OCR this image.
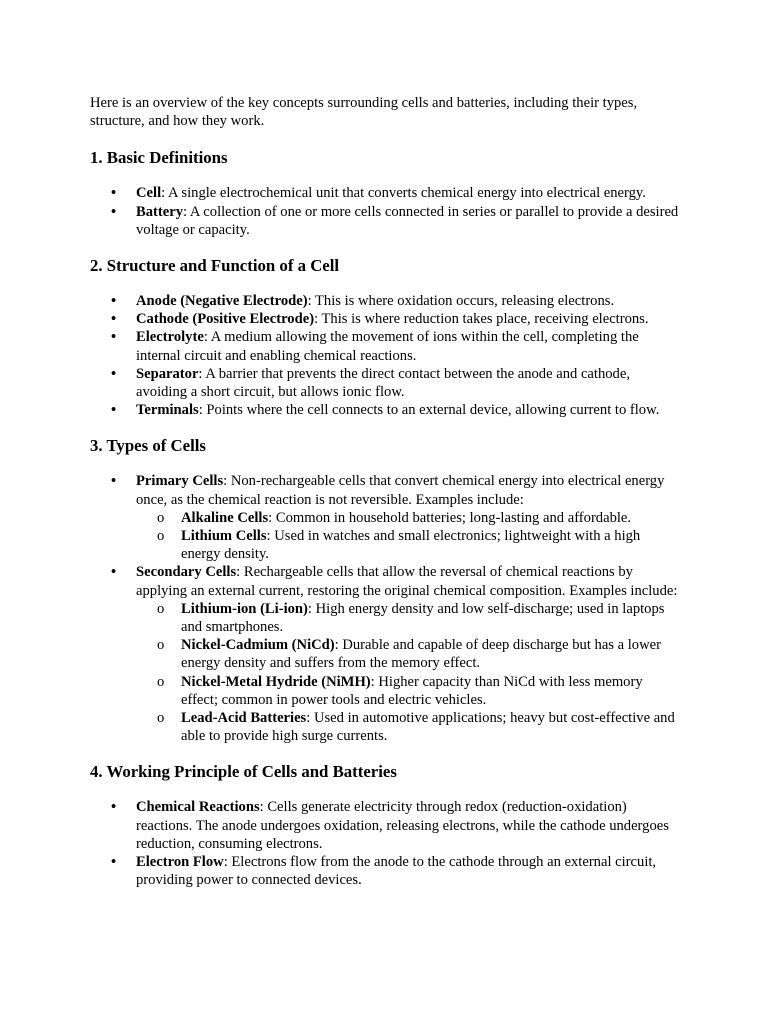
Here is an overview of the key concepts surrounding cells and batteries, including their types, structure, and how they work.

1. Basic Definitions
• Cell: A single electrochemical unit that converts chemical energy into electrical energy.
• Battery: A collection of one or more cells connected in series or parallel to provide a desired voltage or capacity.
2. Structure and Function of a Cell
• Anode (Negative Electrode): This is where oxidation occurs, releasing electrons.
• Cathode (Positive Electrode): This is where reduction takes place, receiving electrons.
• Electrolyte: A medium allowing the movement of ions within the cell, completing the internal circuit and enabling chemical reactions.
• Separator: A barrier that prevents the direct contact between the anode and cathode, avoiding a short circuit, but allows ionic flow.
• Terminals: Points where the cell connects to an external device, allowing current to flow.
3. Types of Cells
• Primary Cells: Non-rechargeable cells that convert chemical energy into electrical energy once, as the chemical reaction is not reversible. Examples include:
o Alkaline Cells: Common in household batteries; long-lasting and affordable.
o Lithium Cells: Used in watches and small electronics; lightweight with a high energy density.
• Secondary Cells: Rechargeable cells that allow the reversal of chemical reactions by applying an external current, restoring the original chemical composition. Examples include:
o Lithium-ion (Li-ion): High energy density and low self-discharge; used in laptops and smartphones.
o Nickel-Cadmium (NiCd): Durable and capable of deep discharge but has a lower energy density and suffers from the memory effect.
o Nickel-Metal Hydride (NiMH): Higher capacity than NiCd with less memory effect; common in power tools and electric vehicles.
o Lead-Acid Batteries: Used in automotive applications; heavy but cost-effective and able to provide high surge currents.
4. Working Principle of Cells and Batteries
• Chemical Reactions: Cells generate electricity through redox (reduction-oxidation) reactions. The anode undergoes oxidation, releasing electrons, while the cathode undergoes reduction, consuming electrons.
• Electron Flow: Electrons flow from the anode to the cathode through an external circuit, providing power to connected devices.
